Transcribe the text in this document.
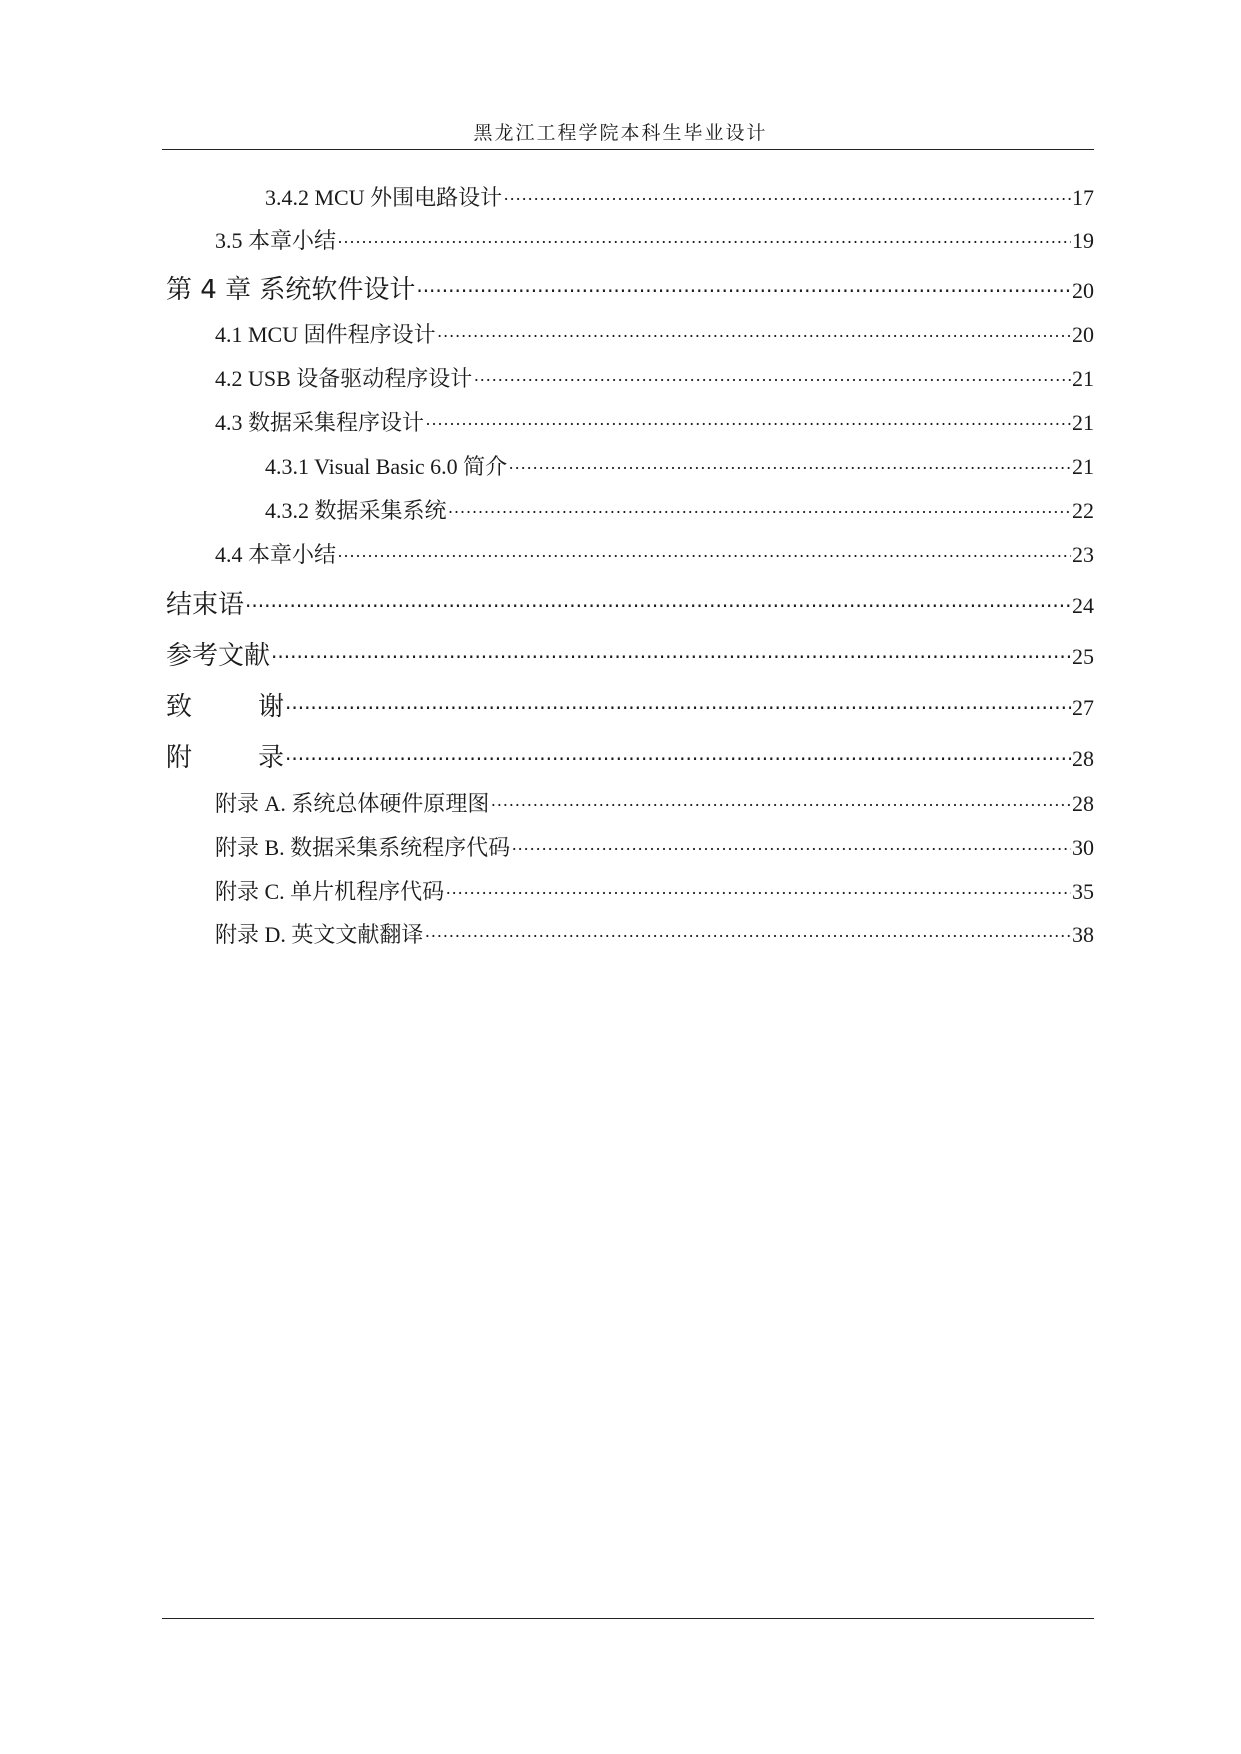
黑龙江工程学院本科生毕业设计
3.4.2 MCU 外围电路设计 ·····	17
3.5 本章小结 ·····	19
第 4 章 系统软件设计 ·····	20
4.1 MCU 固件程序设计 ·····	20
4.2 USB 设备驱动程序设计 ·····	21
4.3 数据采集程序设计 ·····	21
4.3.1 Visual Basic 6.0 简介 ·····	21
4.3.2 数据采集系统 ·····	22
4.4 本章小结 ·····	23
结束语 ·····	24
参考文献 ·····	25
致	谢 ·····	27
附	录 ·····	28
附录 A. 系统总体硬件原理图 ·····	28
附录 B. 数据采集系统程序代码 ·····	30
附录 C. 单片机程序代码 ·····	35
附录 D. 英文文献翻译 ·····	38
